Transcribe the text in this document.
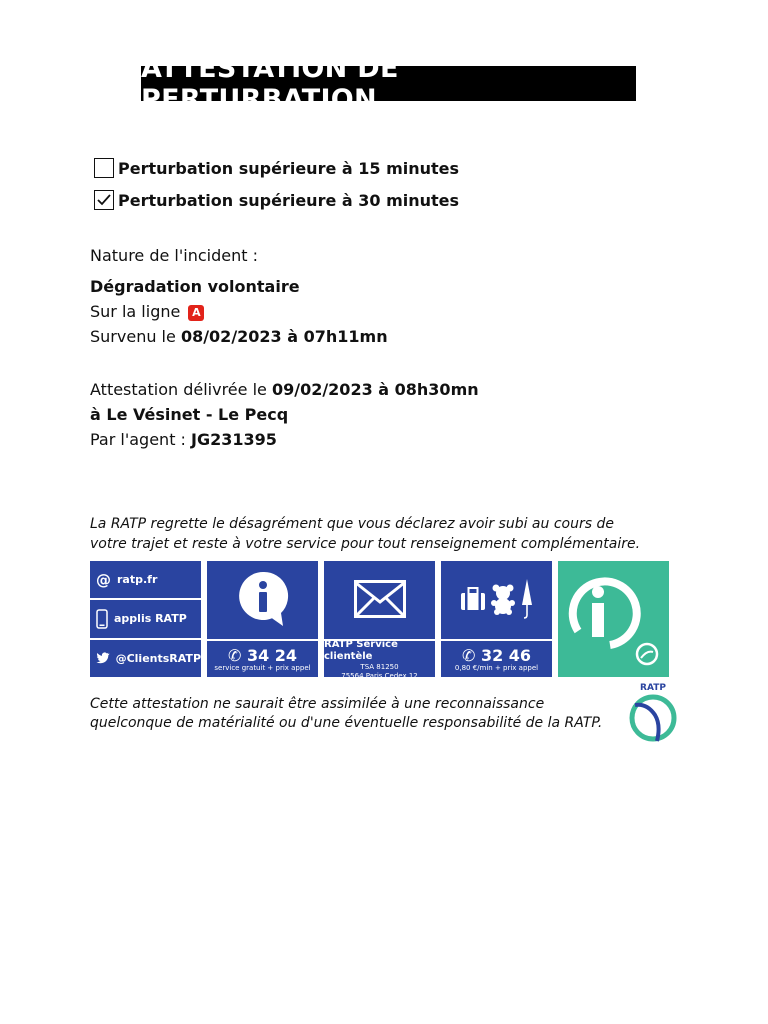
ATTESTATION DE PERTURBATION
Perturbation supérieure à 15 minutes
Perturbation supérieure à 30 minutes
Nature de l'incident :
Dégradation volontaire
Sur la ligne A
Survenu le 08/02/2023 à 07h11mn
Attestation délivrée le 09/02/2023 à 08h30mn
à Le Vésinet - Le Pecq
Par l'agent : JG231395
La RATP regrette le désagrément que vous déclarez avoir subi au cours de
votre trajet et reste à votre service pour tout renseignement complémentaire.
@ ratp.fr
applis RATP
@ClientsRATP ✆ 34 24
service gratuit + prix appel
RATP Service clientèle
TSA 81250
75564 Paris Cedex 12
✆ 32 46
0,80 €/min + prix appel
Cette attestation ne saurait être assimilée à une reconnaissance
quelconque de matérialité ou d'une éventuelle responsabilité de la RATP.
RATP
